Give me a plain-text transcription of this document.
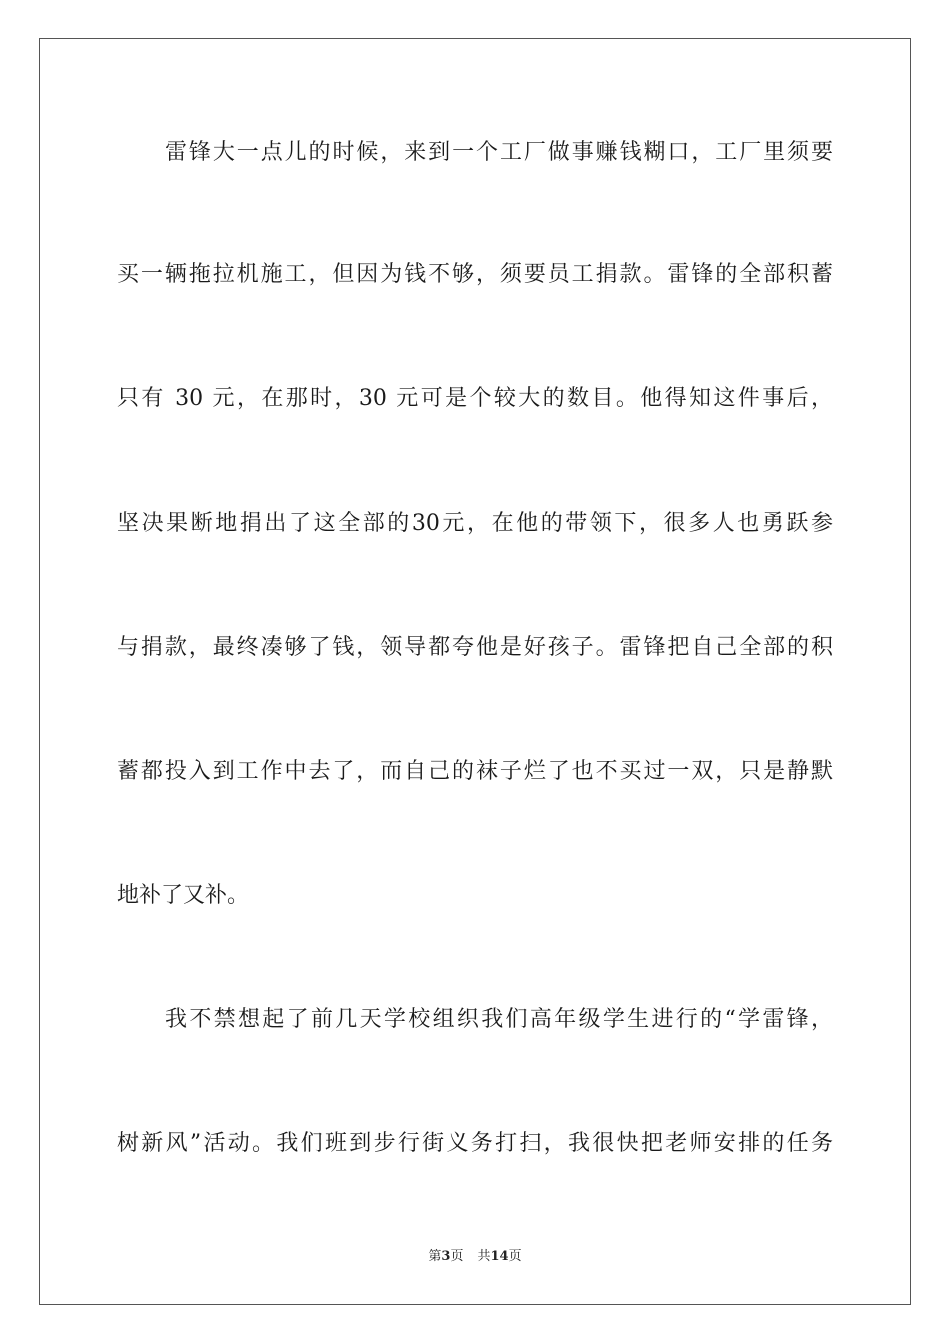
雷锋大一点儿的时候，来到一个工厂做事赚钱糊口，工厂里须要
买一辆拖拉机施工，但因为钱不够，须要员工捐款。雷锋的全部积蓄
只有 30 元，在那时，30 元可是个较大的数目。他得知这件事后，
坚决果断地捐出了这全部的30元，在他的带领下，很多人也勇跃参
与捐款，最终凑够了钱，领导都夸他是好孩子。雷锋把自己全部的积
蓄都投入到工作中去了，而自己的袜子烂了也不买过一双，只是静默
地补了又补。
我不禁想起了前几天学校组织我们高年级学生进行的“学雷锋，
树新风”活动。我们班到步行街义务打扫，我很快把老师安排的任务
第3页 共14页
